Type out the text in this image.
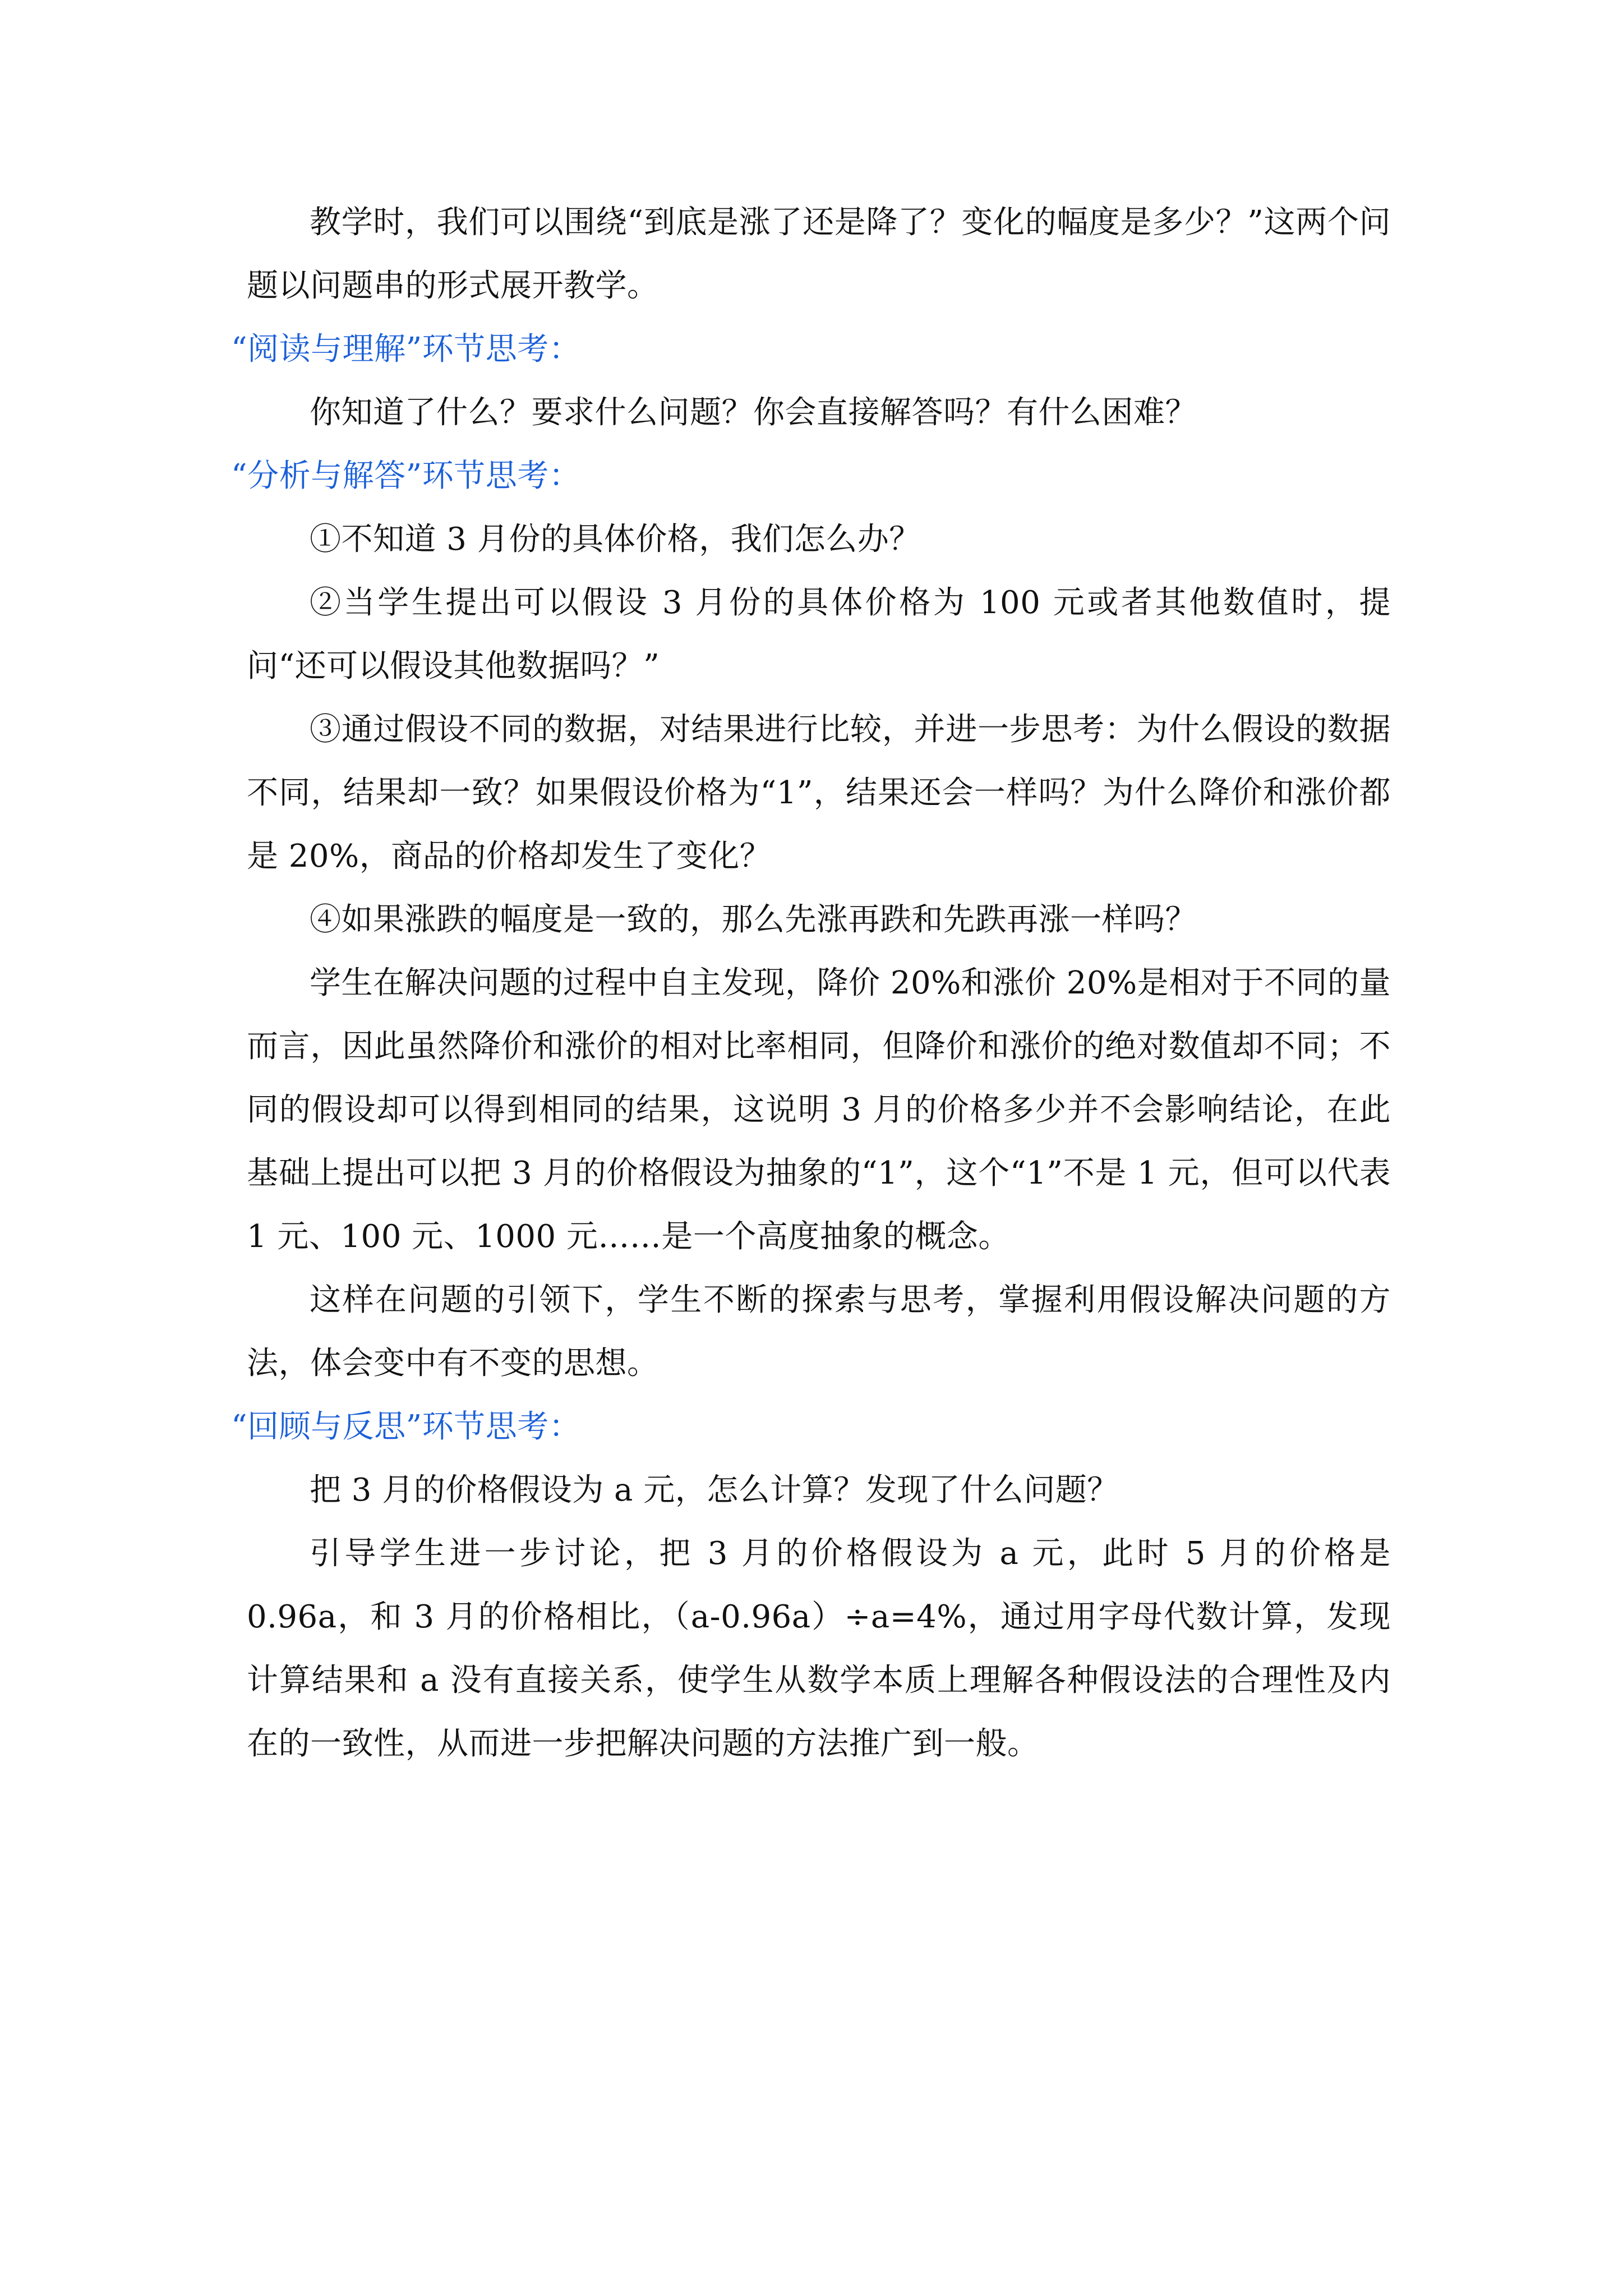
教学时，我们可以围绕“到底是涨了还是降了？变化的幅度是多少？”这两个问题以问题串的形式展开教学。

“阅读与理解”环节思考：

你知道了什么？要求什么问题？你会直接解答吗？有什么困难？

“分析与解答”环节思考：

①不知道 3 月份的具体价格，我们怎么办？

②当学生提出可以假设 3 月份的具体价格为 100 元或者其他数值时，提问“还可以假设其他数据吗？”

③通过假设不同的数据，对结果进行比较，并进一步思考：为什么假设的数据不同，结果却一致？如果假设价格为“1”，结果还会一样吗？为什么降价和涨价都是 20%，商品的价格却发生了变化？

④如果涨跌的幅度是一致的，那么先涨再跌和先跌再涨一样吗？

学生在解决问题的过程中自主发现，降价 20%和涨价 20%是相对于不同的量而言，因此虽然降价和涨价的相对比率相同，但降价和涨价的绝对数值却不同；不同的假设却可以得到相同的结果，这说明 3 月的价格多少并不会影响结论，在此基础上提出可以把 3 月的价格假设为抽象的“1”，这个“1”不是 1 元，但可以代表 1 元、100 元、1000 元……是一个高度抽象的概念。

这样在问题的引领下，学生不断的探索与思考，掌握利用假设解决问题的方法，体会变中有不变的思想。

“回顾与反思”环节思考：

把 3 月的价格假设为 a 元，怎么计算？发现了什么问题？

引导学生进一步讨论，把 3 月的价格假设为 a 元，此时 5 月的价格是 0.96a，和 3 月的价格相比，（a-0.96a）÷a=4%，通过用字母代数计算，发现计算结果和 a 没有直接关系，使学生从数学本质上理解各种假设法的合理性及内在的一致性，从而进一步把解决问题的方法推广到一般。
